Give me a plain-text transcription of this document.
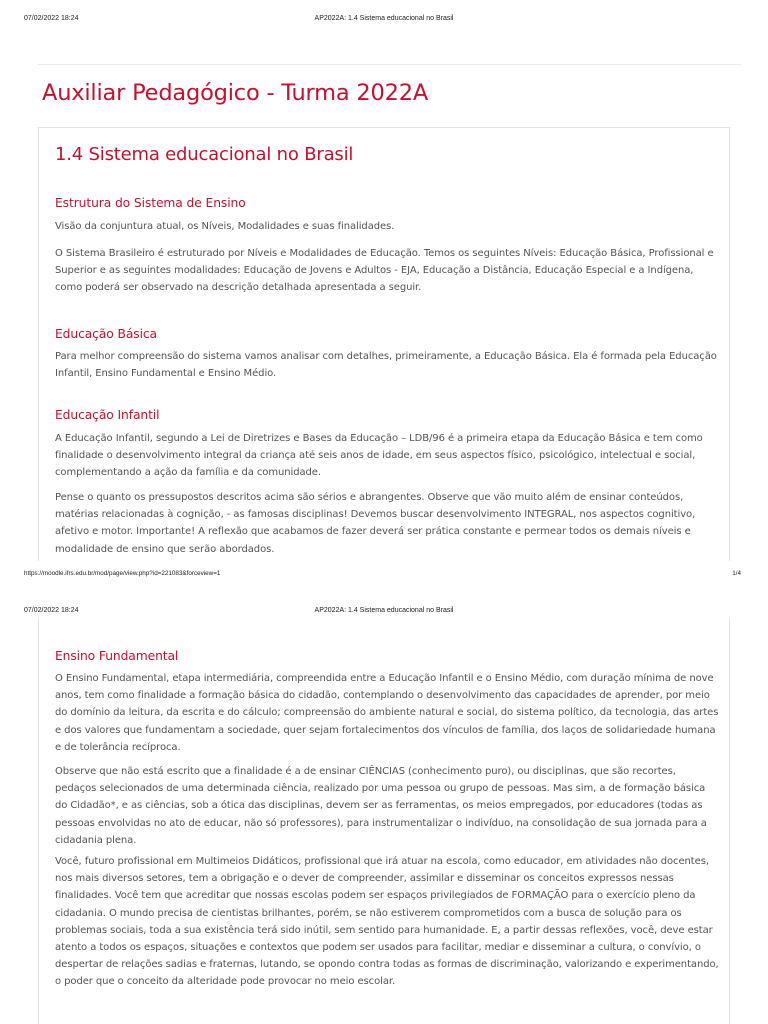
07/02/2022 18:24	AP2022A: 1.4 Sistema educacional no Brasil
Auxiliar Pedagógico - Turma 2022A
1.4 Sistema educacional no Brasil
Estrutura do Sistema de Ensino

Visão da conjuntura atual, os Níveis, Modalidades e suas finalidades.

O Sistema Brasileiro é estruturado por Níveis e Modalidades de Educação. Temos os seguintes Níveis: Educação Básica, Profissional e Superior e as seguintes modalidades: Educação de Jovens e Adultos - EJA, Educação a Distância, Educação Especial e a Indígena, como poderá ser observado na descrição detalhada apresentada a seguir.

Educação Básica

Para melhor compreensão do sistema vamos analisar com detalhes, primeiramente, a Educação Básica. Ela é formada pela Educação Infantil, Ensino Fundamental e Ensino Médio.

Educação Infantil

A Educação Infantil, segundo a Lei de Diretrizes e Bases da Educação – LDB/96 é a primeira etapa da Educação Básica e tem como finalidade o desenvolvimento integral da criança até seis anos de idade, em seus aspectos físico, psicológico, intelectual e social, complementando a ação da família e da comunidade.

Pense o quanto os pressupostos descritos acima são sérios e abrangentes. Observe que vão muito além de ensinar conteúdos, matérias relacionadas à cognição, - as famosas disciplinas! Devemos buscar desenvolvimento INTEGRAL, nos aspectos cognitivo, afetivo e motor. Importante! A reflexão que acabamos de fazer deverá ser prática constante e permear todos os demais níveis e modalidade de ensino que serão abordados.

https://moodle.ifrs.edu.br/mod/page/view.php?id=221083&forceview=1	1/4
07/02/2022 18:24	AP2022A: 1.4 Sistema educacional no Brasil
Ensino Fundamental

O Ensino Fundamental, etapa intermediária, compreendida entre a Educação Infantil e o Ensino Médio, com duração mínima de nove anos, tem como finalidade a formação básica do cidadão, contemplando o desenvolvimento das capacidades de aprender, por meio do domínio da leitura, da escrita e do cálculo; compreensão do ambiente natural e social, do sistema político, da tecnologia, das artes e dos valores que fundamentam a sociedade, quer sejam fortalecimentos dos vínculos de família, dos laços de solidariedade humana e de tolerância recíproca.

Observe que não está escrito que a finalidade é a de ensinar CIÊNCIAS (conhecimento puro), ou disciplinas, que são recortes, pedaços selecionados de uma determinada ciência, realizado por uma pessoa ou grupo de pessoas. Mas sim, a de formação básica do Cidadão*, e as ciências, sob a ótica das disciplinas, devem ser as ferramentas, os meios empregados, por educadores (todas as pessoas envolvidas no ato de educar, não só professores), para instrumentalizar o indivíduo, na consolidação de sua jornada para a cidadania plena.

Você, futuro profissional em Multimeios Didáticos, profissional que irá atuar na escola, como educador, em atividades não docentes, nos mais diversos setores, tem a obrigação e o dever de compreender, assimilar e disseminar os conceitos expressos nessas finalidades. Você tem que acreditar que nossas escolas podem ser espaços privilegiados de FORMAÇÃO para o exercício pleno da cidadania. O mundo precisa de cientistas brilhantes, porém, se não estiverem comprometidos com a busca de solução para os problemas sociais, toda a sua existência terá sido inútil, sem sentido para humanidade. E, a partir dessas reflexões, você, deve estar atento a todos os espaços, situações e contextos que podem ser usados para facilitar, mediar e disseminar a cultura, o convívio, o despertar de relações sadias e fraternas, lutando, se opondo contra todas as formas de discriminação, valorizando e experimentando, o poder que o conceito da alteridade pode provocar no meio escolar.
